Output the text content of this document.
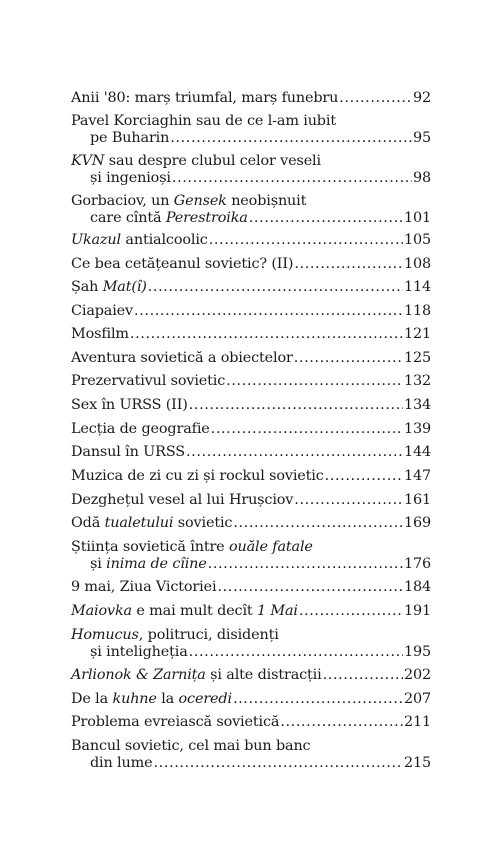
Anii '80: marș triumfal, marș funebru .....	92
Pavel Korciaghin sau de ce l-am iubit
pe Buharin .....	95
KVN sau despre clubul celor veseli
și ingenioși .....	98
Gorbaciov, un Gensek neobișnuit
care cîntă Perestroika .....	101
Ukazul antialcoolic .....	105
Ce bea cetățeanul sovietic? (II) .....	108
Șah Mat(î) .....	114
Ciapaiev .....	118
Mosfilm .....	121
Aventura sovietică a obiectelor .....	125
Prezervativul sovietic .....	132
Sex în URSS (II) .....	134
Lecția de geografie .....	139
Dansul în URSS .....	144
Muzica de zi cu zi și rockul sovietic .....	147
Dezghețul vesel al lui Hrușciov .....	161
Odă tualetului sovietic .....	169
Știința sovietică între ouăle fatale
și inima de cîine .....	176
9 mai, Ziua Victoriei .....	184
Maiovka e mai mult decît 1 Mai .....	191
Homucus, politruci, disidenți
și inteligheția .....	195
Arlionok & Zarnița și alte distracții .....	202
De la kuhne la oceredi .....	207
Problema evreiască sovietică .....	211
Bancul sovietic, cel mai bun banc
din lume .....	215
